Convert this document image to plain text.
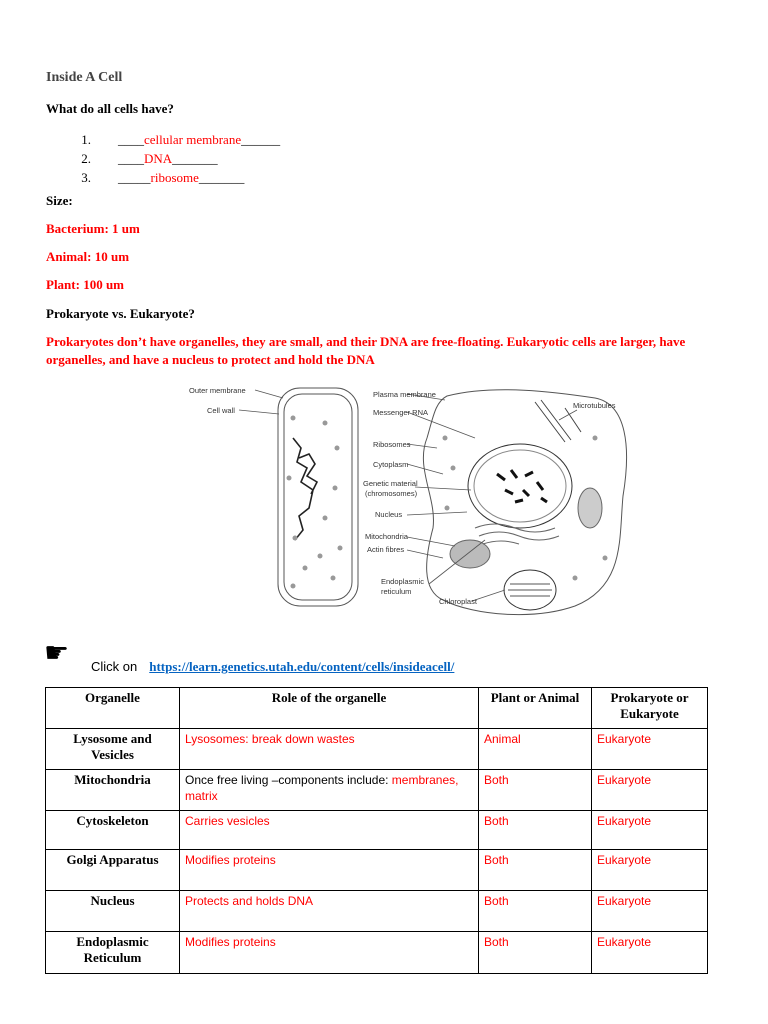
Inside A Cell
What do all cells have?
1. ____cellular membrane______
2. ____DNA_______
3. _____ribosome_______
Size:
Bacterium: 1 um
Animal: 10 um
Plant: 100 um
Prokaryote vs. Eukaryote?
Prokaryotes don’t have organelles, they are small, and their DNA are free-floating. Eukaryotic cells are larger, have organelles, and have a nucleus to protect and hold the DNA
Outer membrane
Cell wall
Plasma membrane
Messenger RNA
Ribosomes
Cytoplasm
Genetic material
(chromosomes)
Nucleus
Mitochondria
Actin fibres
Endoplasmic
reticulum
Chloroplast
Microtubules
☛ Click on https://learn.genetics.utah.edu/content/cells/insideacell/
Organelle	Role of the organelle	Plant or Animal	Prokaryote or Eukaryote
Lysosome and Vesicles	Lysosomes: break down wastes	Animal	Eukaryote
Mitochondria	Once free living –components include: membranes, matrix	Both	Eukaryote
Cytoskeleton	Carries vesicles	Both	Eukaryote
Golgi Apparatus	Modifies proteins	Both	Eukaryote
Nucleus	Protects and holds DNA	Both	Eukaryote
Endoplasmic Reticulum	Modifies proteins	Both	Eukaryote
